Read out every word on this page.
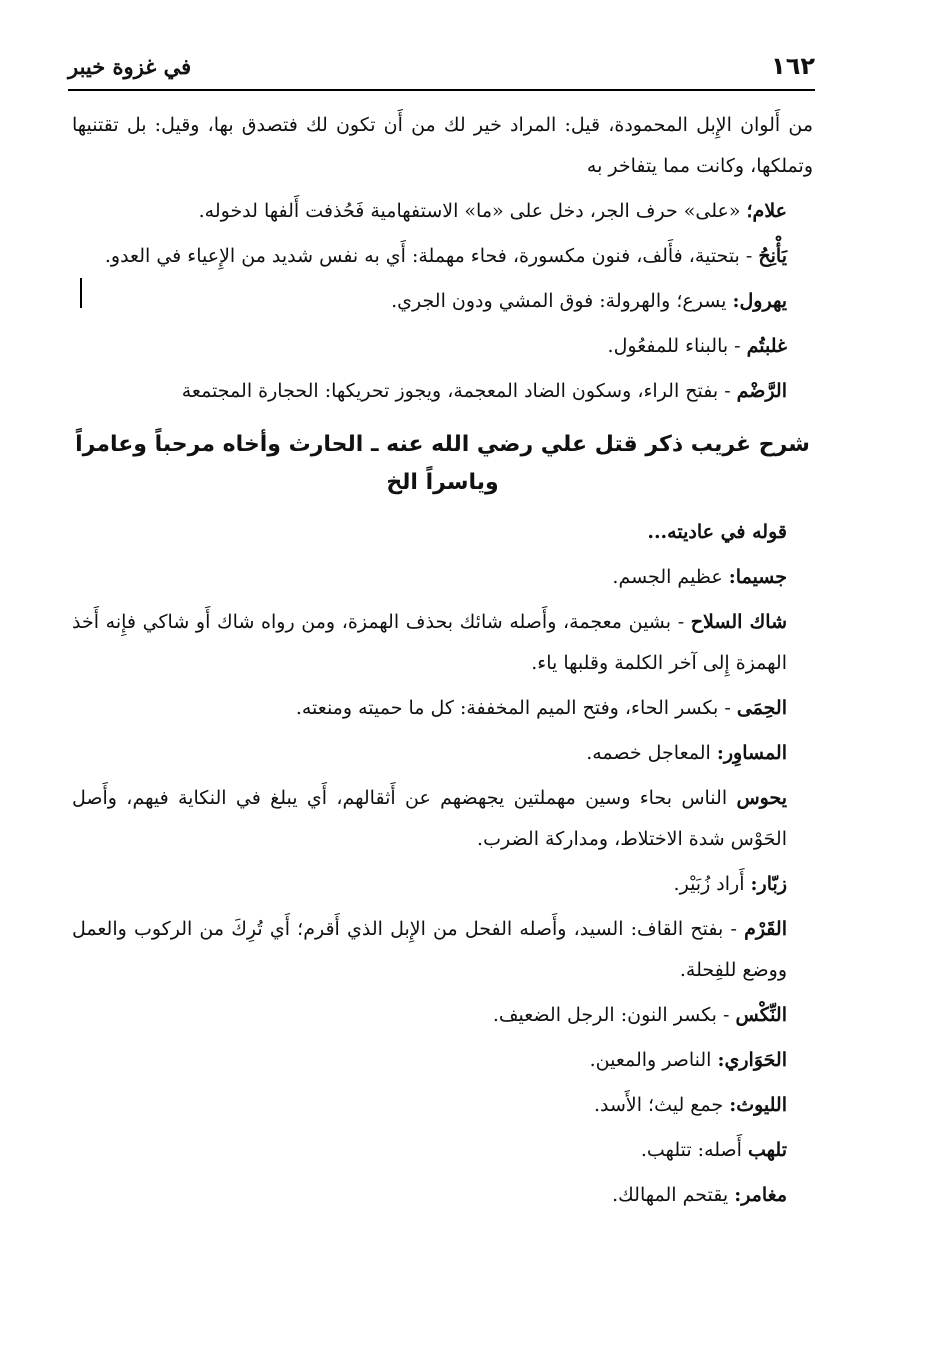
١٦٢
في غزوة خيبر

من أَلوان الإِبل المحمودة، قيل: المراد خير لك من أَن تكون لك فتصدق بها، وقيل: بل تقتنيها وتملكها، وكانت مما يتفاخر به

علام؛ «على» حرف الجر، دخل على «ما» الاستفهامية فَحُذفت أَلفها لدخوله.

يَأْنِحُ - بتحتية، فأَلف، فنون مكسورة، فحاء مهملة: أَي به نفس شديد من الإِعياء في العدو.

يهرول: يسرع؛ والهرولة: فوق المشي ودون الجري.

غلبتُم - بالبناء للمفعُول.

الرَّضْم - بفتح الراء، وسكون الضاد المعجمة، ويجوز تحريكها: الحجارة المجتمعة

شرح غريب ذكر قتل علي رضي الله عنه ـ الحارث وأخاه مرحباً وعامراً وياسراً الخ

قوله في عاديته...

جسيما: عظيم الجسم.

شاك السلاح - بشين معجمة، وأَصله شائك بحذف الهمزة، ومن رواه شاك أَو شاكي فإِنه أَخذ الهمزة إِلى آخر الكلمة وقلبها ياء.

الحِمَى - بكسر الحاء، وفتح الميم المخففة: كل ما حميته ومنعته.

المساوِر: المعاجل خصمه.

يحوس الناس بحاء وسين مهملتين يجهضهم عن أَثقالهم، أَي يبلغ في النكاية فيهم، وأَصل الحَوْس شدة الاختلاط، ومداركة الضرب.

زبّار: أَراد زُبَيْر.

القَرْم - بفتح القاف: السيد، وأَصله الفحل من الإِبل الذي أَقرم؛ أَي تُرِكَ من الركوب والعمل ووضع للفِحلة.

النِّكْس - بكسر النون: الرجل الضعيف.

الحَوَاري: الناصر والمعين.

الليوث: جمع ليث؛ الأَسد.

تلهب أَصله: تتلهب.

مغامر: يقتحم المهالك.
